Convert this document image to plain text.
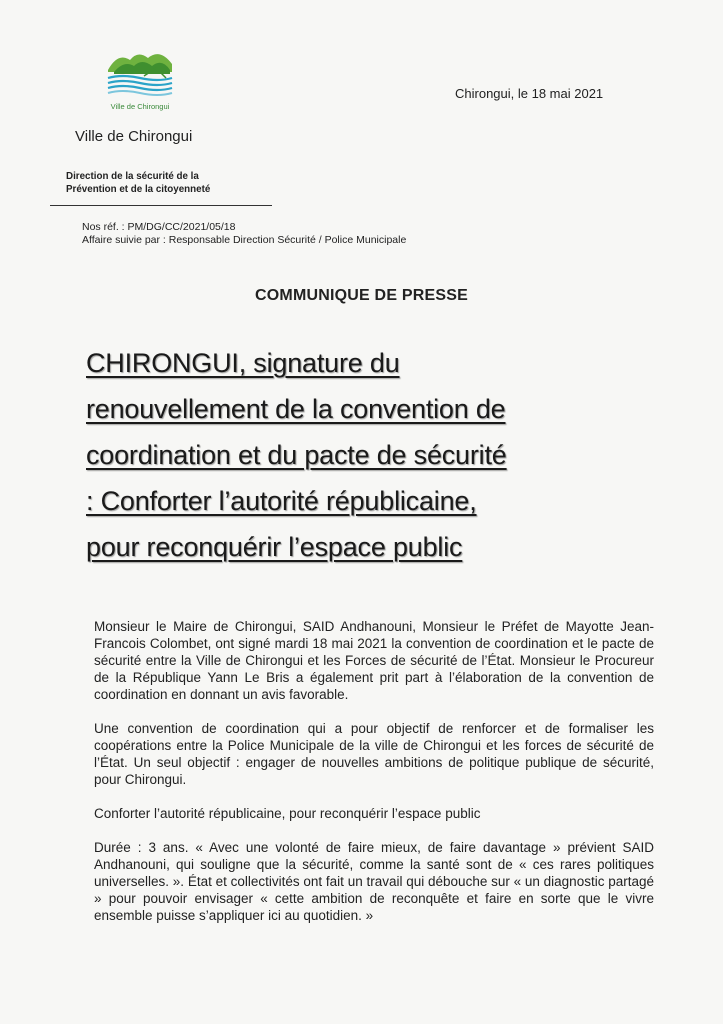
Ville de Chirongui
Ville de Chirongui
Direction de la sécurité de la
Prévention et de la citoyenneté
Chirongui, le 18 mai 2021
Nos réf. : PM/DG/CC/2021/05/18
Affaire suivie par : Responsable Direction Sécurité / Police Municipale
COMMUNIQUE DE PRESSE
CHIRONGUI, signature du
renouvellement de la convention de
coordination et du pacte de sécurité
: Conforter l’autorité républicaine,
pour reconquérir l’espace public

Monsieur le Maire de Chirongui, SAID Andhanouni, Monsieur le Préfet de Mayotte Jean-Francois Colombet, ont signé mardi 18 mai 2021 la convention de coordination et le pacte de sécurité entre la Ville de Chirongui et les Forces de sécurité de l’État. Monsieur le Procureur de la République Yann Le Bris a également prit part à l’élaboration de la convention de coordination en donnant un avis favorable.

Une convention de coordination qui a pour objectif de renforcer et de formaliser les coopérations entre la Police Municipale de la ville de Chirongui et les forces de sécurité de l’État. Un seul objectif : engager de nouvelles ambitions de politique publique de sécurité, pour Chirongui.

Conforter l’autorité républicaine, pour reconquérir l’espace public

Durée : 3 ans. « Avec une volonté de faire mieux, de faire davantage » prévient SAID Andhanouni, qui souligne que la sécurité, comme la santé sont de « ces rares politiques universelles. ». État et collectivités ont fait un travail qui débouche sur « un diagnostic partagé » pour pouvoir envisager « cette ambition de reconquête et faire en sorte que le vivre ensemble puisse s’appliquer ici au quotidien. »
